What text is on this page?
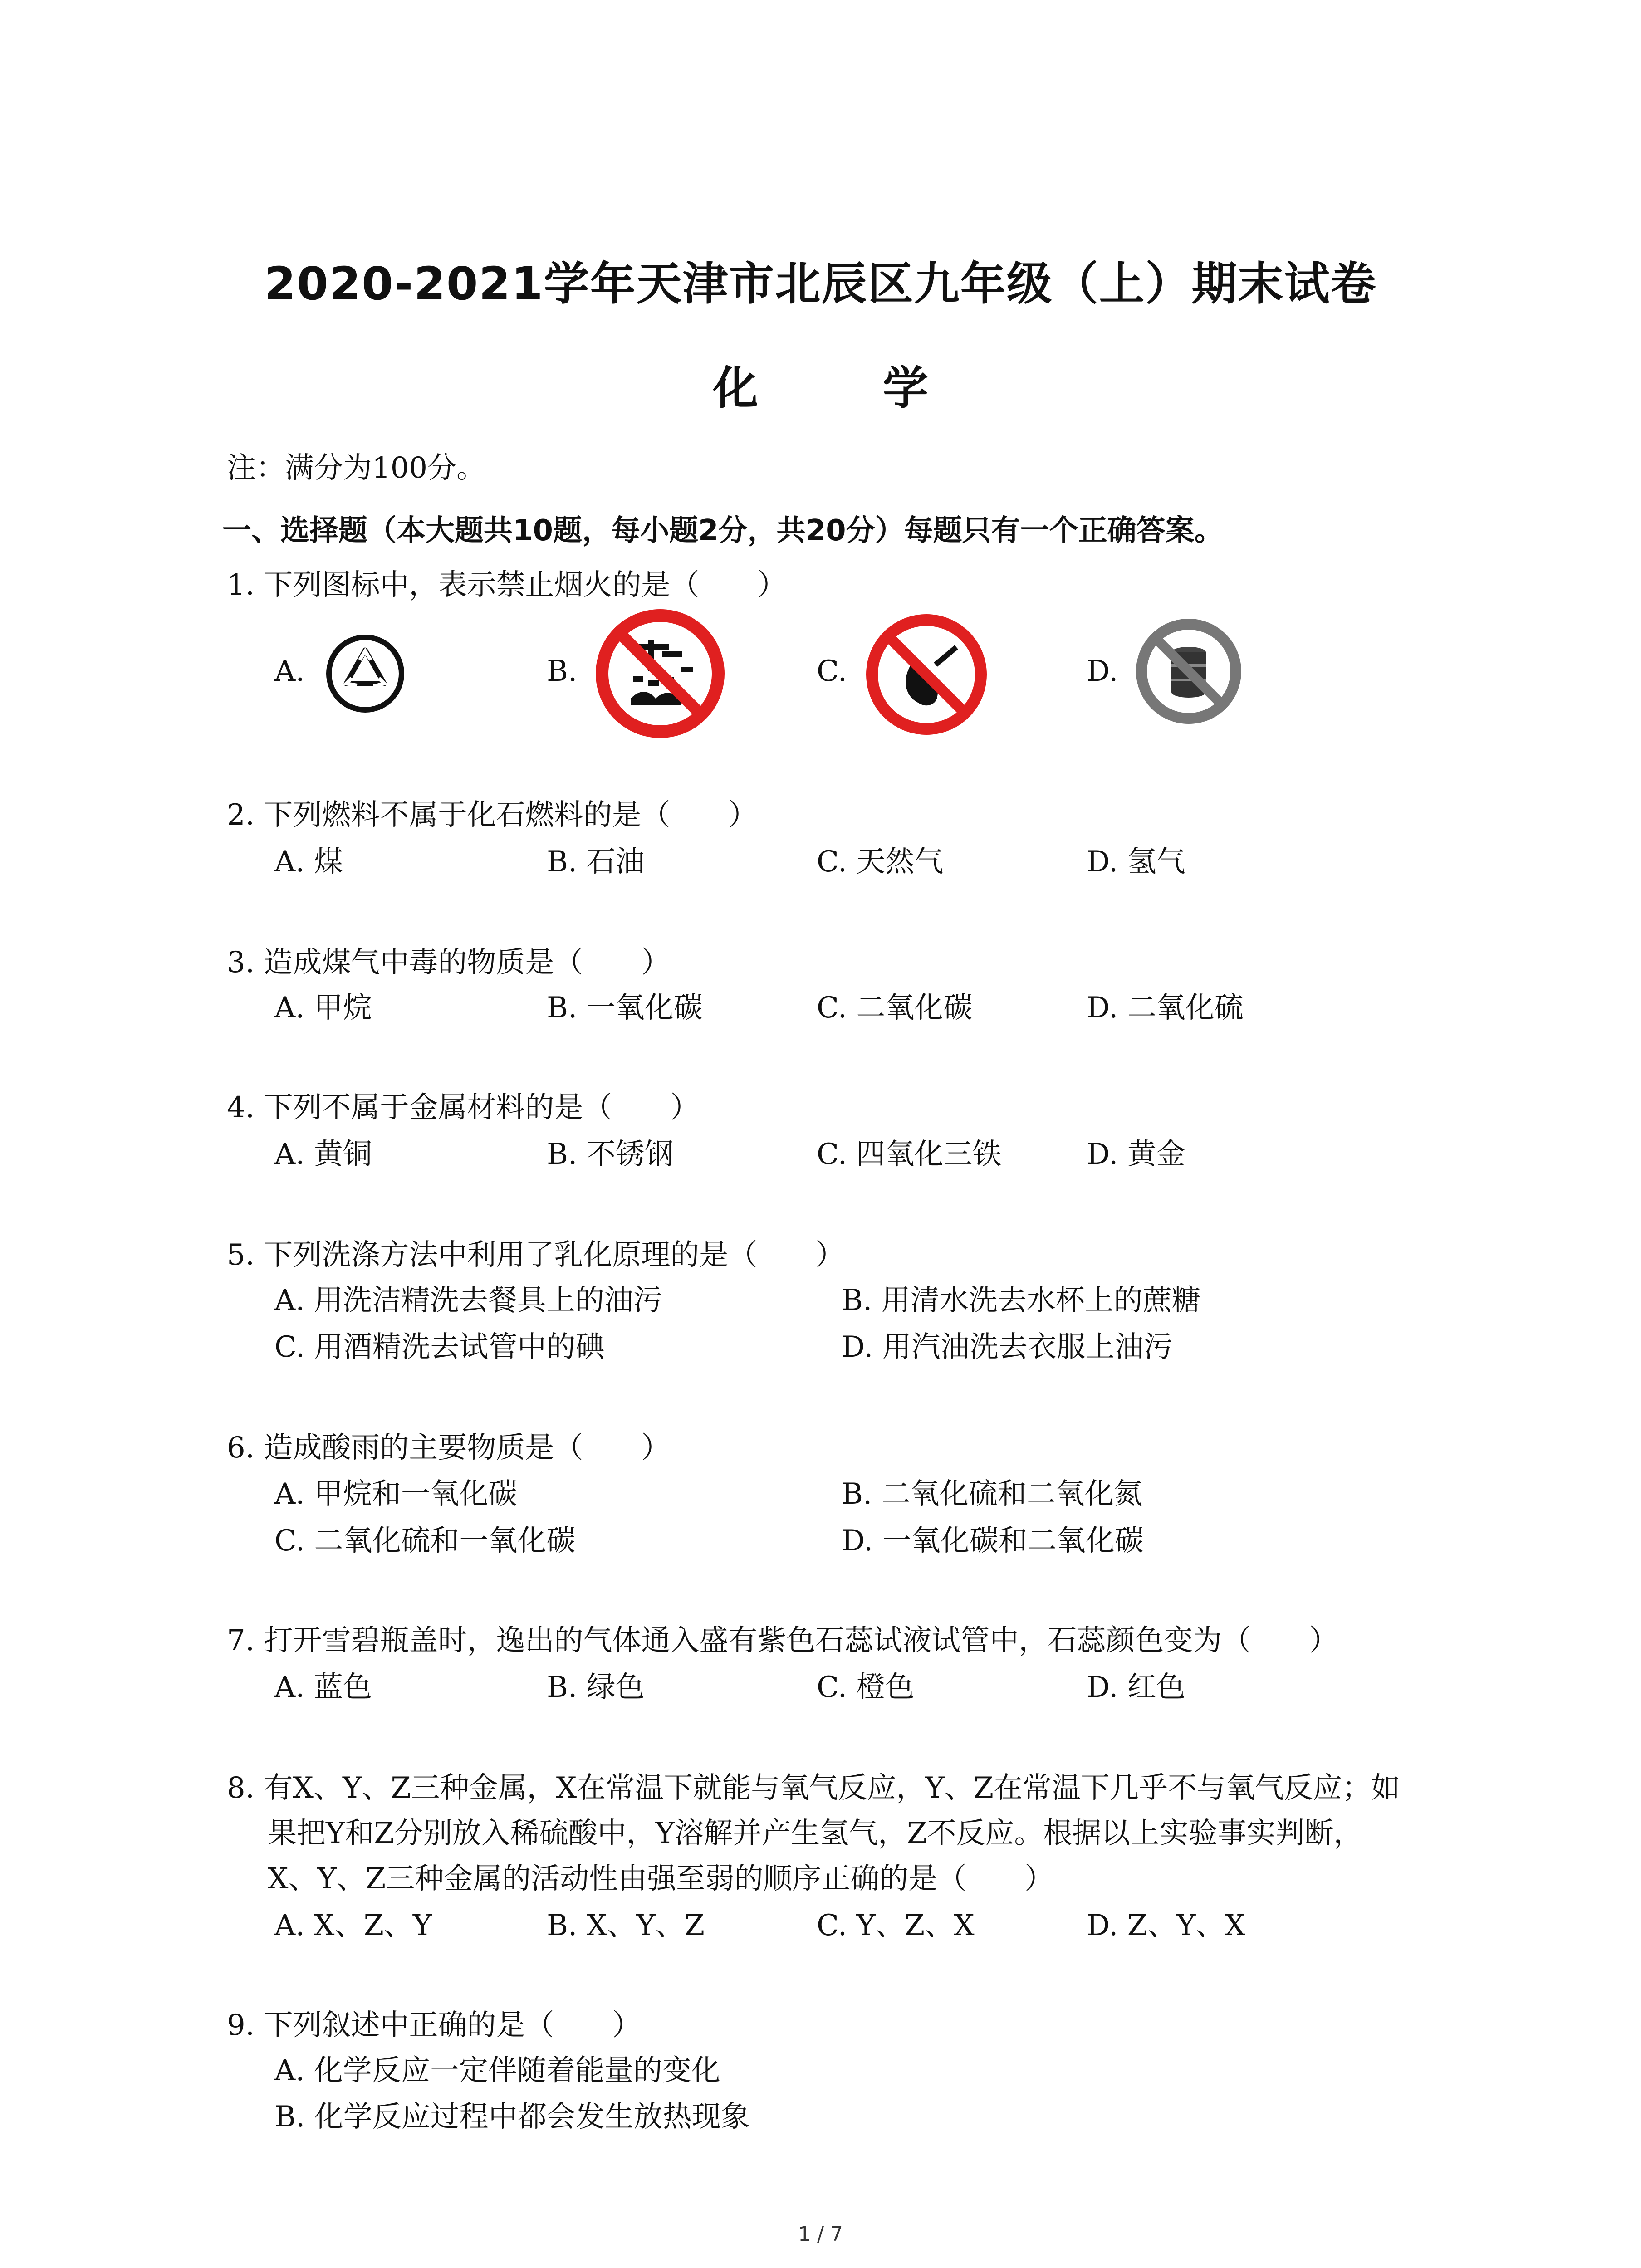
2020-2021学年天津市北辰区九年级（上）期末试卷
化 学
注：满分为100分。
一、选择题（本大题共10题，每小题2分，共20分）每题只有一个正确答案。
1. 下列图标中，表示禁止烟火的是（　　）
A.	B.	C.	D.
2. 下列燃料不属于化石燃料的是（　　）
A. 煤	B. 石油	C. 天然气	D. 氢气
3. 造成煤气中毒的物质是（　　）
A. 甲烷	B. 一氧化碳	C. 二氧化碳	D. 二氧化硫
4. 下列不属于金属材料的是（　　）
A. 黄铜	B. 不锈钢	C. 四氧化三铁	D. 黄金
5. 下列洗涤方法中利用了乳化原理的是（　　）
A. 用洗洁精洗去餐具上的油污	B. 用清水洗去水杯上的蔗糖
C. 用酒精洗去试管中的碘	D. 用汽油洗去衣服上油污
6. 造成酸雨的主要物质是（　　）
A. 甲烷和一氧化碳	B. 二氧化硫和二氧化氮
C. 二氧化硫和一氧化碳	D. 一氧化碳和二氧化碳
7. 打开雪碧瓶盖时，逸出的气体通入盛有紫色石蕊试液试管中，石蕊颜色变为（　　）
A. 蓝色	B. 绿色	C. 橙色	D. 红色
8. 有X、Y、Z三种金属，X在常温下就能与氧气反应，Y、Z在常温下几乎不与氧气反应；如
果把Y和Z分别放入稀硫酸中，Y溶解并产生氢气，Z不反应。根据以上实验事实判断，
X、Y、Z三种金属的活动性由强至弱的顺序正确的是（　　）
A. X、Z、Y	B. X、Y、Z	C. Y、Z、X	D. Z、Y、X
9. 下列叙述中正确的是（　　）
A. 化学反应一定伴随着能量的变化
B. 化学反应过程中都会发生放热现象
1 / 7
